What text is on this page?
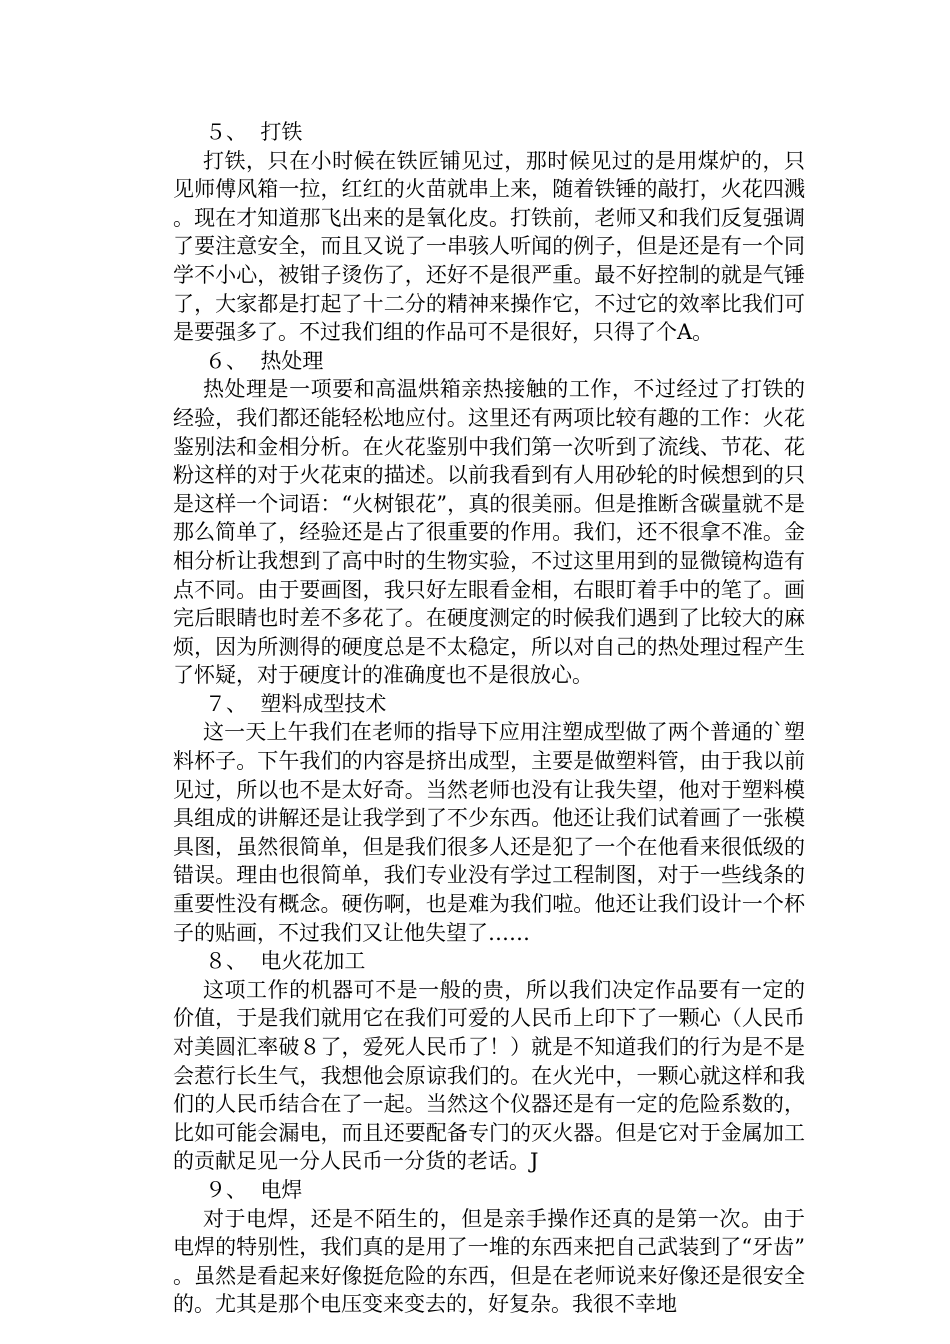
５、  打铁

打铁，只在小时候在铁匠铺见过，那时候见过的是用煤炉的，只见师傅风箱一拉，红红的火苗就串上来，随着铁锤的敲打，火花四溅。现在才知道那飞出来的是氧化皮。打铁前，老师又和我们反复强调了要注意安全，而且又说了一串骇人听闻的例子，但是还是有一个同学不小心，被钳子烫伤了，还好不是很严重。最不好控制的就是气锤了，大家都是打起了十二分的精神来操作它，不过它的效率比我们可是要强多了。不过我们组的作品可不是很好，只得了个A。

６、  热处理

热处理是一项要和高温烘箱亲热接触的工作，不过经过了打铁的经验，我们都还能轻松地应付。这里还有两项比较有趣的工作：火花鉴别法和金相分析。在火花鉴别中我们第一次听到了流线、节花、花粉这样的对于火花束的描述。以前我看到有人用砂轮的时候想到的只是这样一个词语：“火树银花”，真的很美丽。但是推断含碳量就不是那么简单了，经验还是占了很重要的作用。我们，还不很拿不准。金相分析让我想到了高中时的生物实验，不过这里用到的显微镜构造有点不同。由于要画图，我只好左眼看金相，右眼盯着手中的笔了。画完后眼睛也时差不多花了。在硬度测定的时候我们遇到了比较大的麻烦，因为所测得的硬度总是不太稳定，所以对自己的热处理过程产生了怀疑，对于硬度计的准确度也不是很放心。

７、  塑料成型技术

这一天上午我们在老师的指导下应用注塑成型做了两个普通的`塑料杯子。下午我们的内容是挤出成型，主要是做塑料管，由于我以前见过，所以也不是太好奇。当然老师也没有让我失望，他对于塑料模具组成的讲解还是让我学到了不少东西。他还让我们试着画了一张模具图，虽然很简单，但是我们很多人还是犯了一个在他看来很低级的错误。理由也很简单，我们专业没有学过工程制图，对于一些线条的重要性没有概念。硬伤啊，也是难为我们啦。他还让我们设计一个杯子的贴画，不过我们又让他失望了……

８、  电火花加工

这项工作的机器可不是一般的贵，所以我们决定作品要有一定的价值，于是我们就用它在我们可爱的人民币上印下了一颗心（人民币对美圆汇率破８了，爱死人民币了！）就是不知道我们的行为是不是会惹行长生气，我想他会原谅我们的。在火光中，一颗心就这样和我们的人民币结合在了一起。当然这个仪器还是有一定的危险系数的，比如可能会漏电，而且还要配备专门的灭火器。但是它对于金属加工的贡献足见一分人民币一分货的老话。J

９、  电焊

对于电焊，还是不陌生的，但是亲手操作还真的是第一次。由于电焊的特别性，我们真的是用了一堆的东西来把自己武装到了“牙齿”。虽然是看起来好像挺危险的东西，但是在老师说来好像还是很安全的。尤其是那个电压变来变去的，好复杂。我很不幸地
